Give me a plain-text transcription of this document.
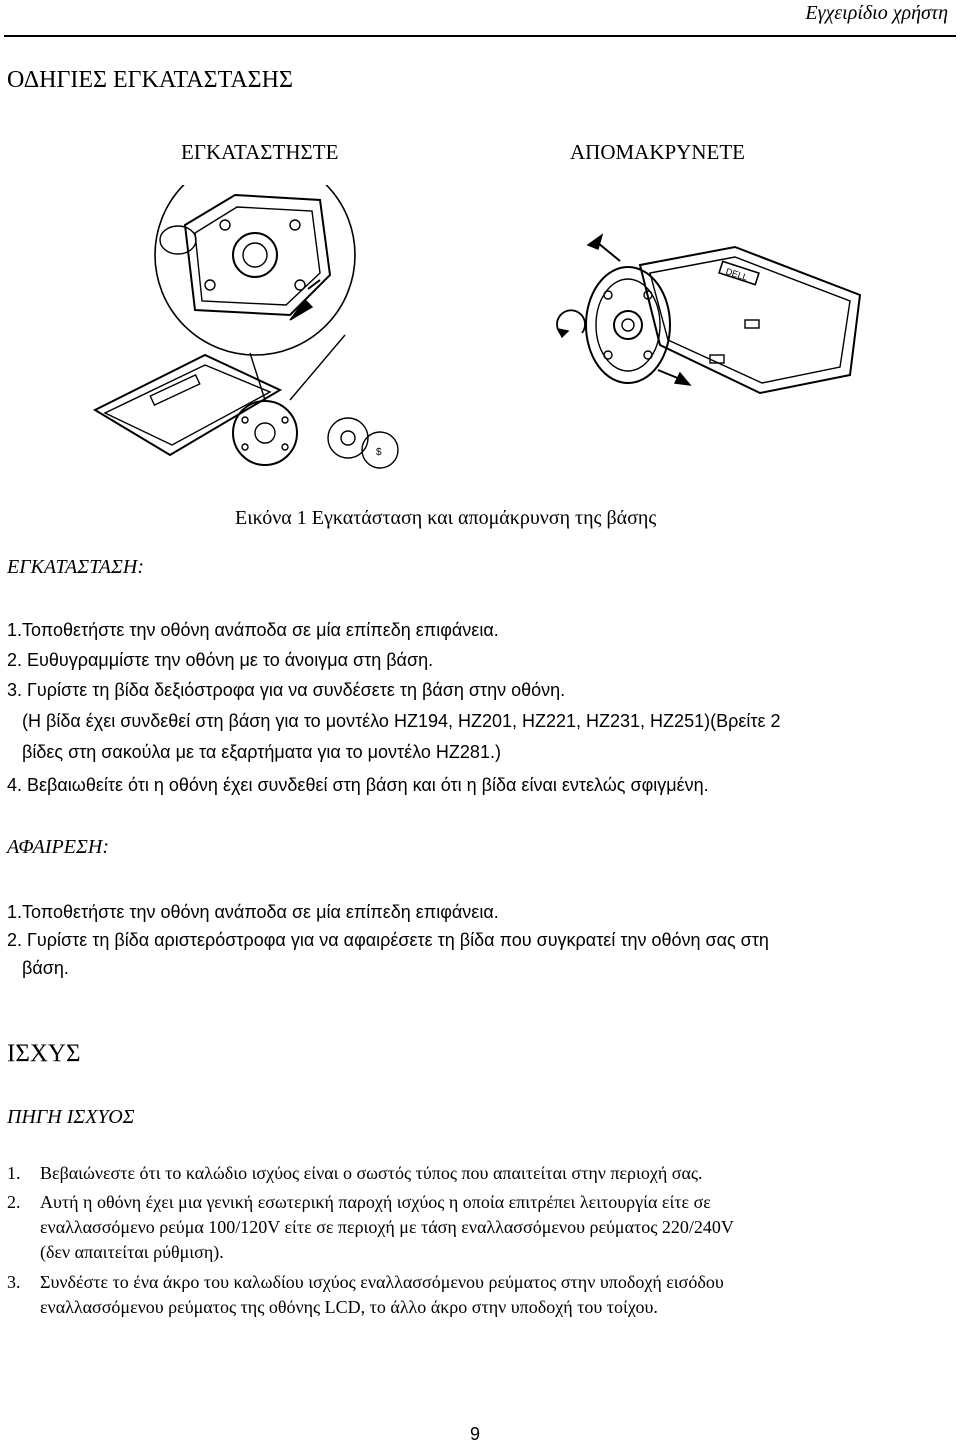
Εγχειρίδιο χρήστη
ΟΔΗΓΙΕΣ ΕΓΚΑΤΑΣΤΑΣΗΣ
ΕΓΚΑΤΑΣΤΗΣΤΕ	ΑΠΟΜΑΚΡΥΝΕΤΕ
$
DELL
Εικόνα 1 Εγκατάσταση και απομάκρυνση της βάσης
ΕΓΚΑΤΑΣΤΑΣΗ:
1.Τοποθετήστε την οθόνη ανάποδα σε μία επίπεδη επιφάνεια.
2. Ευθυγραμμίστε την οθόνη με το άνοιγμα στη βάση.
3. Γυρίστε τη βίδα δεξιόστροφα για να συνδέσετε τη βάση στην οθόνη.
(Η βίδα έχει συνδεθεί στη βάση για το μοντέλο HZ194, HZ201, HZ221, HZ231, HZ251)(Βρείτε 2
βίδες στη σακούλα με τα εξαρτήματα για το μοντέλο HZ281.)
4. Βεβαιωθείτε ότι η οθόνη έχει συνδεθεί στη βάση και ότι η βίδα είναι εντελώς σφιγμένη.
ΑΦΑΙΡΕΣΗ:
1.Τοποθετήστε την οθόνη ανάποδα σε μία επίπεδη επιφάνεια.
2. Γυρίστε τη βίδα αριστερόστροφα για να αφαιρέσετε τη βίδα που συγκρατεί την οθόνη σας στη
βάση.
ΙΣΧΥΣ
ΠΗΓΗ ΙΣΧΥΟΣ
1. Βεβαιώνεστε ότι το καλώδιο ισχύος είναι ο σωστός τύπος που απαιτείται στην περιοχή σας.
2. Αυτή η οθόνη έχει μια γενική εσωτερική παροχή ισχύος η οποία επιτρέπει λειτουργία είτε σε
εναλλασσόμενο ρεύμα 100/120V είτε σε περιοχή με τάση εναλλασσόμενου ρεύματος 220/240V
(δεν απαιτείται ρύθμιση).
3. Συνδέστε το ένα άκρο του καλωδίου ισχύος εναλλασσόμενου ρεύματος στην υποδοχή εισόδου
εναλλασσόμενου ρεύματος της οθόνης LCD, το άλλο άκρο στην υποδοχή του τοίχου.
9
